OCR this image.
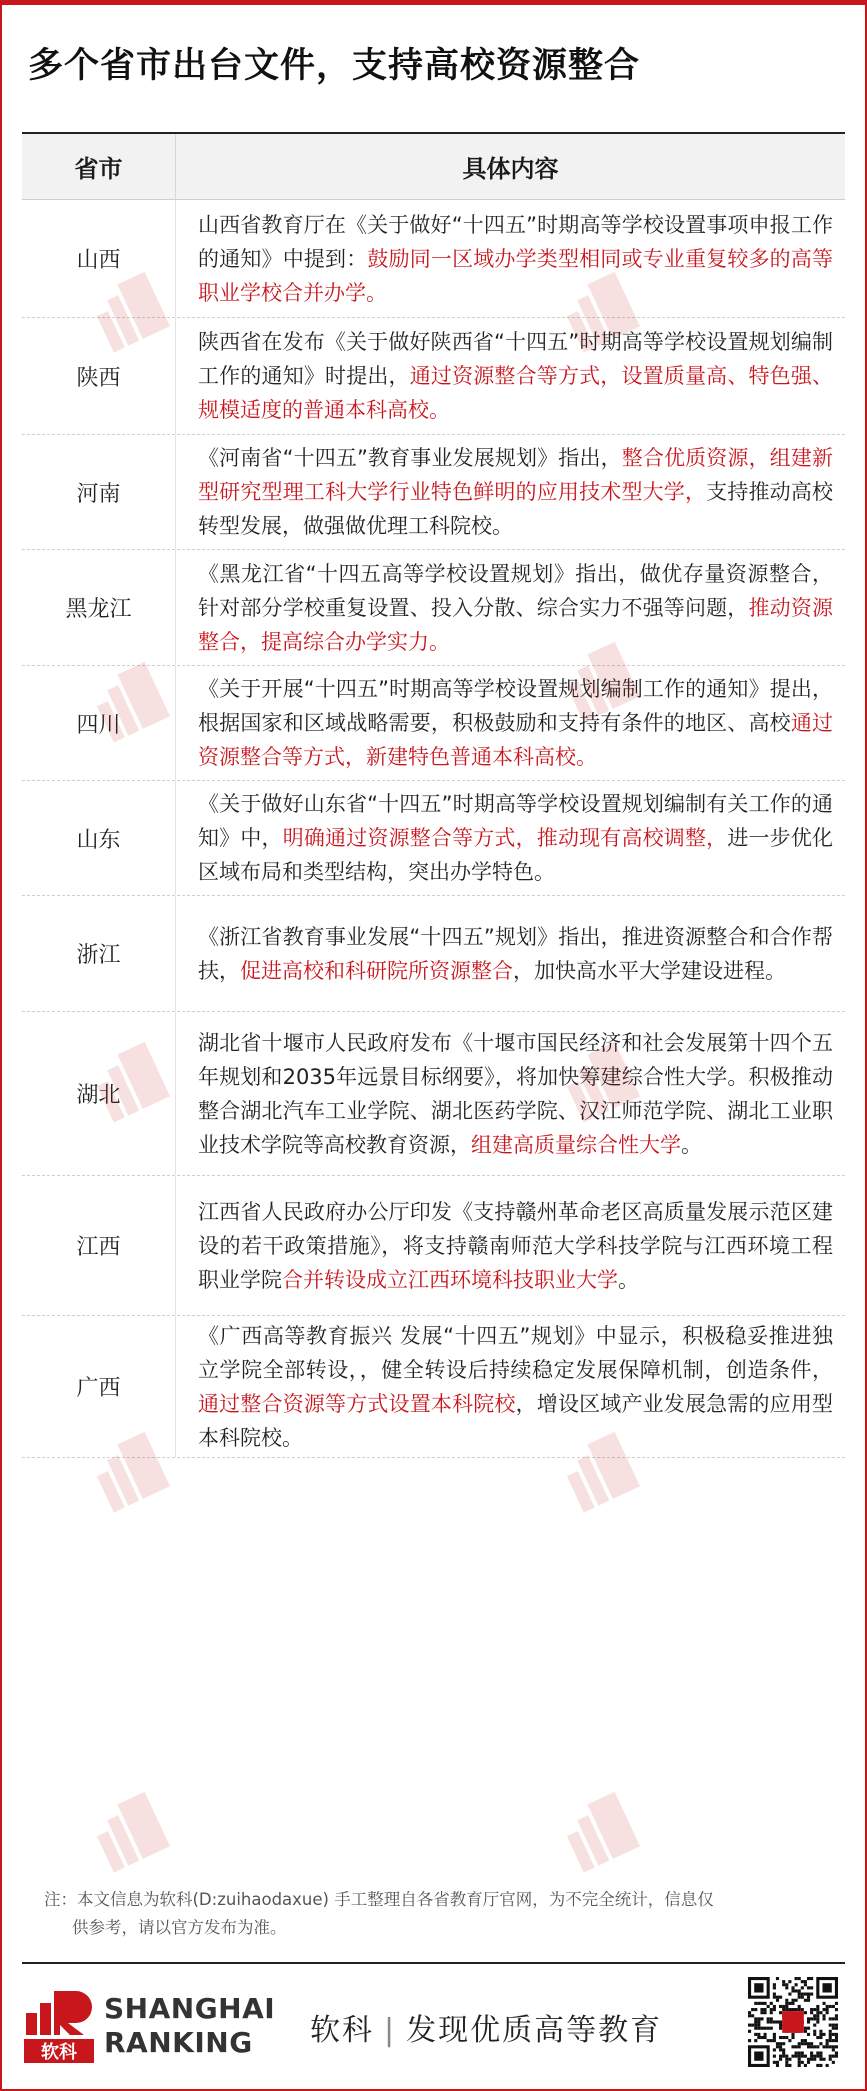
多个省市出台文件，支持高校资源整合
省市	具体内容
山西

山西省教育厅在《关于做好“十四五”时期高等学校设置事项申报工作的通知》中提到：鼓励同一区域办学类型相同或专业重复较多的高等职业学校合并办学。

陕西

陕西省在发布《关于做好陕西省“十四五”时期高等学校设置规划编制工作的通知》时提出，通过资源整合等方式，设置质量高、特色强、规模适度的普通本科高校。

河南

《河南省“十四五”教育事业发展规划》指出，整合优质资源，组建新型研究型理工科大学行业特色鲜明的应用技术型大学，支持推动高校转型发展，做强做优理工科院校。

黑龙江

《黑龙江省“十四五高等学校设置规划》指出，做优存量资源整合，针对部分学校重复设置、投入分散、综合实力不强等问题，推动资源整合，提高综合办学实力。

四川

《关于开展“十四五”时期高等学校设置规划编制工作的通知》提出，根据国家和区域战略需要，积极鼓励和支持有条件的地区、高校通过资源整合等方式，新建特色普通本科高校。

山东

《关于做好山东省“十四五”时期高等学校设置规划编制有关工作的通知》中，明确通过资源整合等方式，推动现有高校调整，进一步优化区域布局和类型结构，突出办学特色。

浙江

《浙江省教育事业发展“十四五”规划》指出，推进资源整合和合作帮扶，促进高校和科研院所资源整合，加快高水平大学建设进程。

湖北

湖北省十堰市人民政府发布《十堰市国民经济和社会发展第十四个五年规划和2035年远景目标纲要》，将加快筹建综合性大学。积极推动整合湖北汽车工业学院、湖北医药学院、汉江师范学院、湖北工业职业技术学院等高校教育资源，组建高质量综合性大学。

江西

江西省人民政府办公厅印发《支持赣州革命老区高质量发展示范区建设的若干政策措施》，将支持赣南师范大学科技学院与江西环境工程职业学院合并转设成立江西环境科技职业大学。

广西

《广西高等教育振兴 发展“十四五”规划》中显示，积极稳妥推进独立学院全部转设，，健全转设后持续稳定发展保障机制，创造条件，通过整合资源等方式设置本科院校，增设区域产业发展急需的应用型本科院校。

注：本文信息为软科(D:zuihaodaxue) 手工整理自各省教育厅官网，为不完全统计，信息仅
供参考，请以官方发布为准。
软科
SHANGHAI
RANKING	软科 | 发现优质高等教育
